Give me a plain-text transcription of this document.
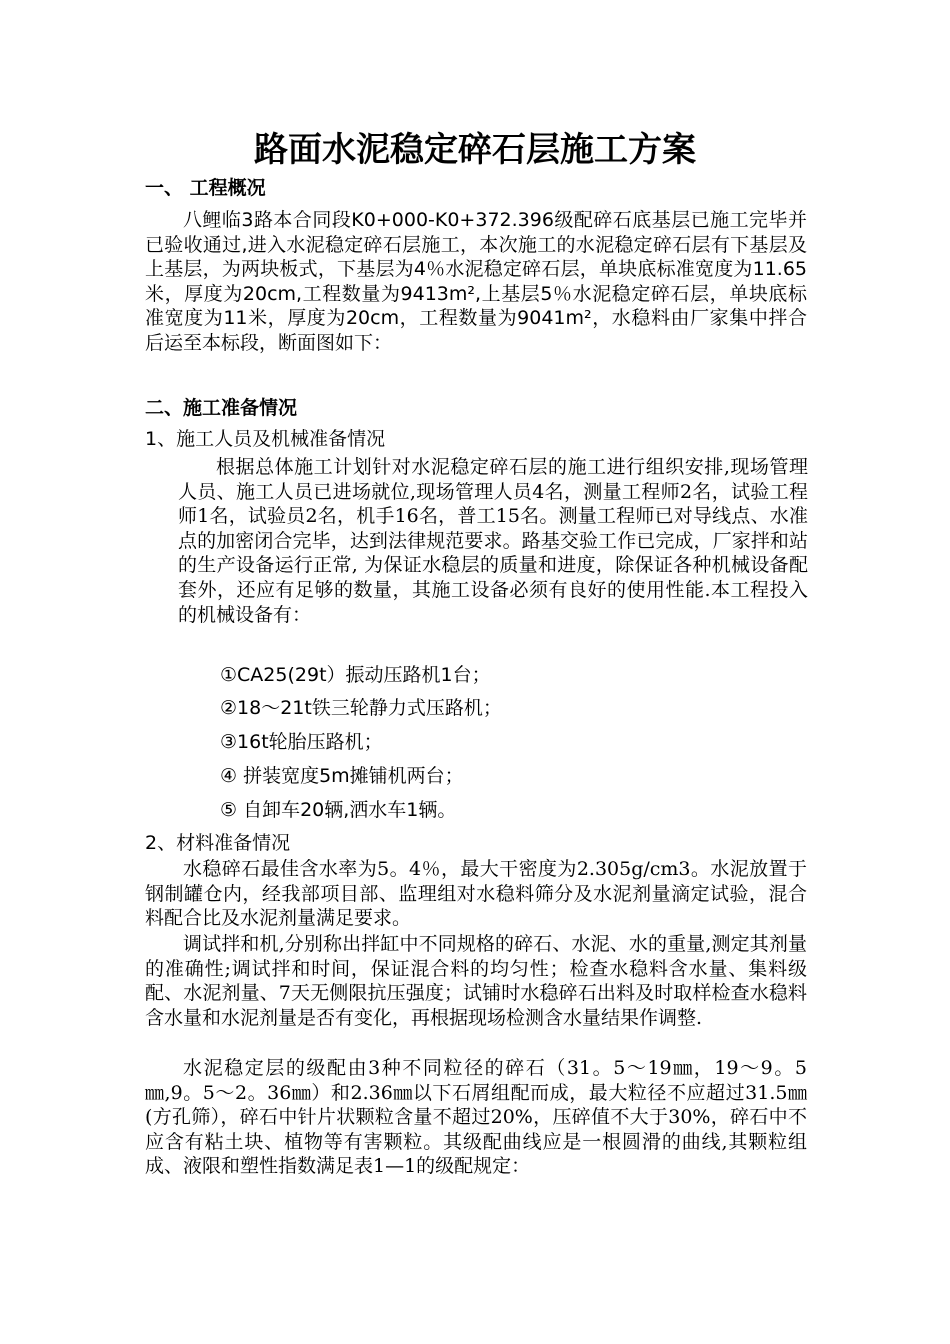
路面水泥稳定碎石层施工方案
一、 工程概况

八鲤临3路本合同段K0+000-K0+372.396级配碎石底基层已施工完毕并已验收通过,进入水泥稳定碎石层施工，本次施工的水泥稳定碎石层有下基层及上基层，为两块板式，下基层为4％水泥稳定碎石层，单块底标准宽度为11.65米，厚度为20cm,工程数量为9413m²,上基层5％水泥稳定碎石层，单块底标准宽度为11米，厚度为20cm，工程数量为9041m²，水稳料由厂家集中拌合后运至本标段，断面图如下：

二、施工准备情况
1、施工人员及机械准备情况

根据总体施工计划针对水泥稳定碎石层的施工进行组织安排,现场管理人员、施工人员已进场就位,现场管理人员4名，测量工程师2名，试验工程师1名，试验员2名，机手16名，普工15名。测量工程师已对导线点、水准点的加密闭合完毕，达到法律规范要求。路基交验工作已完成，厂家拌和站的生产设备运行正常, 为保证水稳层的质量和进度，除保证各种机械设备配套外，还应有足够的数量，其施工设备必须有良好的使用性能.本工程投入的机械设备有：

①CA25(29t）振动压路机1台；
②18～21t铁三轮静力式压路机；
③16t轮胎压路机；
④ 拼装宽度5m摊铺机两台；
⑤ 自卸车20辆,洒水车1辆。
2、材料准备情况

水稳碎石最佳含水率为5。4％，最大干密度为2.305g/cm3。水泥放置于钢制罐仓内，经我部项目部、监理组对水稳料筛分及水泥剂量滴定试验，混合料配合比及水泥剂量满足要求。

调试拌和机,分别称出拌缸中不同规格的碎石、水泥、水的重量,测定其剂量的准确性;调试拌和时间，保证混合料的均匀性；检查水稳料含水量、集料级配、水泥剂量、7天无侧限抗压强度；试铺时水稳碎石出料及时取样检查水稳料含水量和水泥剂量是否有变化，再根据现场检测含水量结果作调整.

水泥稳定层的级配由3种不同粒径的碎石（31。5～19㎜，19～9。5㎜,9。5～2。36㎜）和2.36㎜以下石屑组配而成，最大粒径不应超过31.5㎜(方孔筛），碎石中针片状颗粒含量不超过20%，压碎值不大于30%，碎石中不应含有粘土块、植物等有害颗粒。其级配曲线应是一根圆滑的曲线,其颗粒组成、液限和塑性指数满足表1—1的级配规定：
